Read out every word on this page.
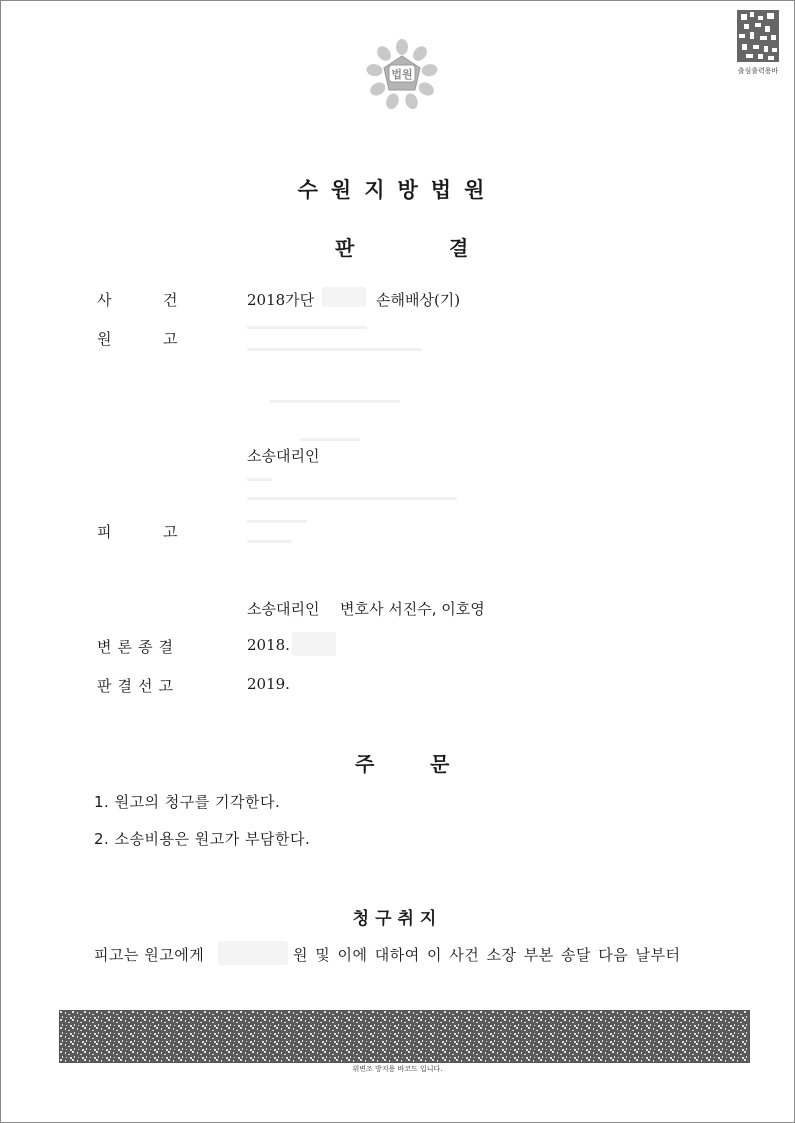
법원	출심출력용바
수원지방법원
판	결
사	건	2018가단	손해배상(기)
원	고
소송대리인
피	고
소송대리인 변호사 서진수, 이호영
변론종결	2018.
판결선고	2019.
주	문
1. 원고의 청구를 기각한다.
2. 소송비용은 원고가 부담한다.
청구취지
피고는 원고에게	원 및 이에 대하여 이 사건 소장 부본 송달 다음 날부터
위변조 방지용 바코드 입니다.
